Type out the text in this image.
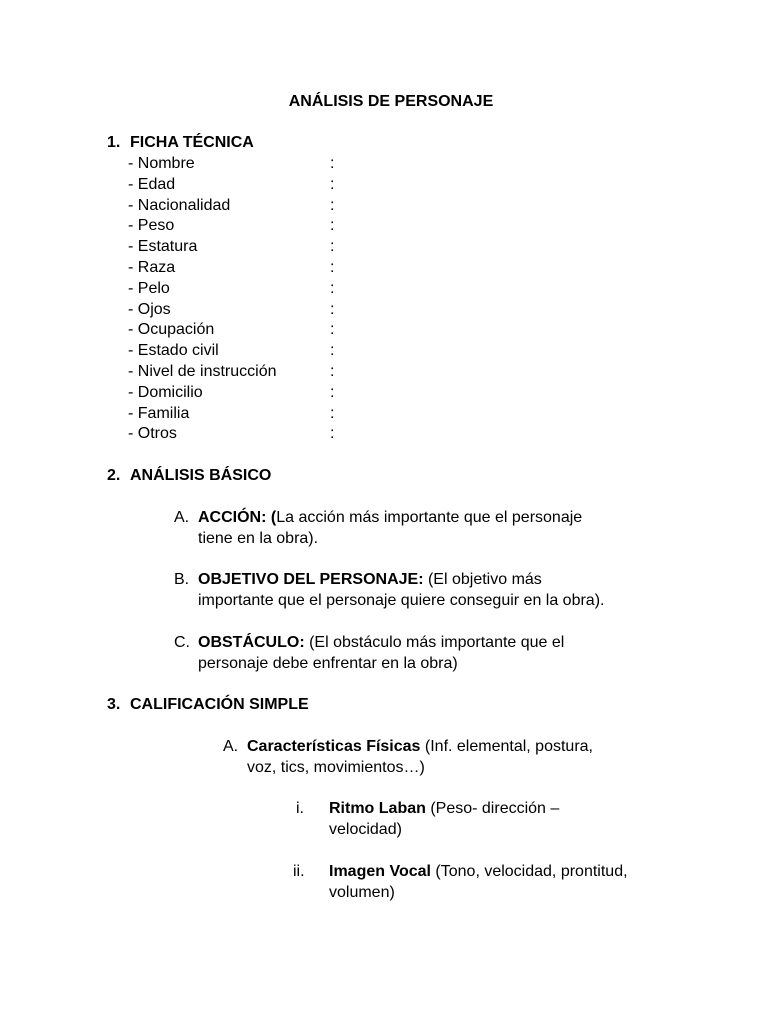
ANÁLISIS DE PERSONAJE
1. FICHA TÉCNICA
- Nombre	:
- Edad	:
- Nacionalidad	:
- Peso	:
- Estatura	:
- Raza	:
- Pelo	:
- Ojos	:
- Ocupación	:
- Estado civil	:
- Nivel de instrucción	:
- Domicilio	:
- Familia	:
- Otros	:
2. ANÁLISIS BÁSICO
A. ACCIÓN: (La acción más importante que el personaje
tiene en la obra).
B. OBJETIVO DEL PERSONAJE: (El objetivo más
importante que el personaje quiere conseguir en la obra).
C. OBSTÁCULO: (El obstáculo más importante que el
personaje debe enfrentar en la obra)
3. CALIFICACIÓN SIMPLE
A. Características Físicas (Inf. elemental, postura,
voz, tics, movimientos…)
i. Ritmo Laban (Peso- dirección –
velocidad)
ii. Imagen Vocal (Tono, velocidad, prontitud,
volumen)
